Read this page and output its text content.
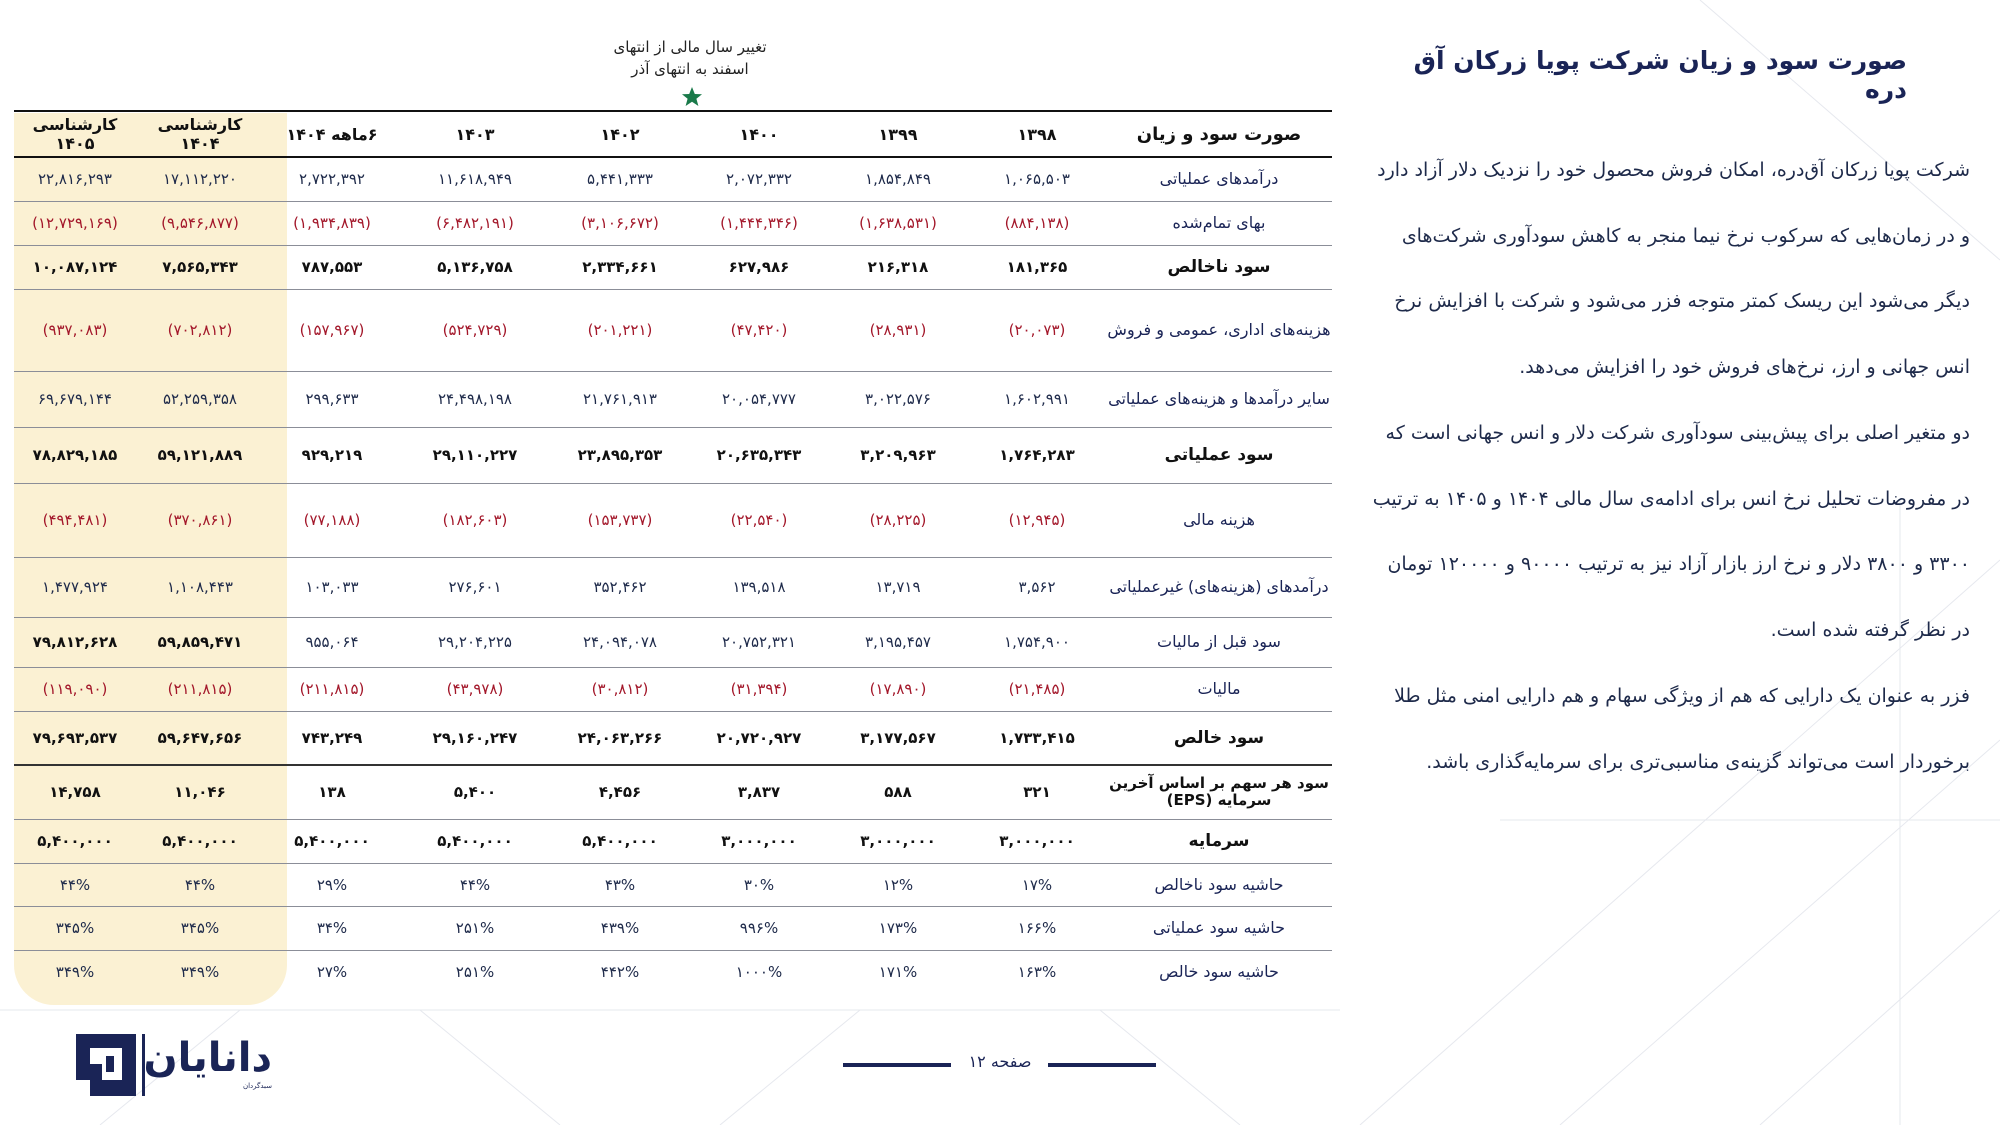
صورت سود و زیان شرکت پویا زرکان آق دره

شرکت پویا زرکان آق‌دره، امکان فروش محصول خود را نزدیک دلار آزاد دارد و در زمان‌هایی که سرکوب نرخ نیما منجر به کاهش سودآوری شرکت‌های دیگر می‌شود این ریسک کمتر متوجه فزر می‌شود و شرکت با افزایش نرخ انس جهانی و ارز، نرخ‌های فروش خود را افزایش می‌دهد.

دو متغیر اصلی برای پیش‌بینی سودآوری شرکت دلار و انس جهانی است که در مفروضات تحلیل نرخ انس برای ادامه‌ی سال مالی ۱۴۰۴ و ۱۴۰۵ به ترتیب ۳۳۰۰ و ۳۸۰۰ دلار و نرخ ارز بازار آزاد نیز به ترتیب ۹۰۰۰۰ و ۱۲۰۰۰۰ تومان در نظر گرفته شده است.

فزر به عنوان یک دارایی که هم از ویژگی سهام و هم دارایی امنی مثل طلا برخوردار است می‌تواند گزینه‌ی مناسبی‌تری برای سرمایه‌گذاری باشد.

تغییر سال مالی از انتهای
اسفند به انتهای آذر
صورت سود و زیان	۱۳۹۸	۱۳۹۹	۱۴۰۰	۱۴۰۲	۱۴۰۳	۶ماهه ۱۴۰۴	کارشناسی ۱۴۰۴	کارشناسی ۱۴۰۵
درآمدهای عملیاتی	۱,۰۶۵,۵۰۳	۱,۸۵۴,۸۴۹	۲,۰۷۲,۳۳۲	۵,۴۴۱,۳۳۳	۱۱,۶۱۸,۹۴۹	۲,۷۲۲,۳۹۲	۱۷,۱۱۲,۲۲۰	۲۲,۸۱۶,۲۹۳
بهای تمام‌شده	(۸۸۴,۱۳۸)	(۱,۶۳۸,۵۳۱)	(۱,۴۴۴,۳۴۶)	(۳,۱۰۶,۶۷۲)	(۶,۴۸۲,۱۹۱)	(۱,۹۳۴,۸۳۹)	(۹,۵۴۶,۸۷۷)	(۱۲,۷۲۹,۱۶۹)
سود ناخالص	۱۸۱,۳۶۵	۲۱۶,۳۱۸	۶۲۷,۹۸۶	۲,۳۳۴,۶۶۱	۵,۱۳۶,۷۵۸	۷۸۷,۵۵۳	۷,۵۶۵,۳۴۳	۱۰,۰۸۷,۱۲۴
هزینه‌های اداری، عمومی و فروش	(۲۰,۰۷۳)	(۲۸,۹۳۱)	(۴۷,۴۲۰)	(۲۰۱,۲۲۱)	(۵۲۴,۷۲۹)	(۱۵۷,۹۶۷)	(۷۰۲,۸۱۲)	(۹۳۷,۰۸۳)
سایر درآمدها و هزینه‌های عملیاتی	۱,۶۰۲,۹۹۱	۳,۰۲۲,۵۷۶	۲۰,۰۵۴,۷۷۷	۲۱,۷۶۱,۹۱۳	۲۴,۴۹۸,۱۹۸	۲۹۹,۶۳۳	۵۲,۲۵۹,۳۵۸	۶۹,۶۷۹,۱۴۴
سود عملیاتی	۱,۷۶۴,۲۸۳	۳,۲۰۹,۹۶۳	۲۰,۶۳۵,۳۴۳	۲۳,۸۹۵,۳۵۳	۲۹,۱۱۰,۲۲۷	۹۲۹,۲۱۹	۵۹,۱۲۱,۸۸۹	۷۸,۸۲۹,۱۸۵
هزینه مالی	(۱۲,۹۴۵)	(۲۸,۲۲۵)	(۲۲,۵۴۰)	(۱۵۳,۷۳۷)	(۱۸۲,۶۰۳)	(۷۷,۱۸۸)	(۳۷۰,۸۶۱)	(۴۹۴,۴۸۱)
درآمدهای (هزینه‌های) غیرعملیاتی	۳,۵۶۲	۱۳,۷۱۹	۱۳۹,۵۱۸	۳۵۲,۴۶۲	۲۷۶,۶۰۱	۱۰۳,۰۳۳	۱,۱۰۸,۴۴۳	۱,۴۷۷,۹۲۴
سود قبل از مالیات	۱,۷۵۴,۹۰۰	۳,۱۹۵,۴۵۷	۲۰,۷۵۲,۳۲۱	۲۴,۰۹۴,۰۷۸	۲۹,۲۰۴,۲۲۵	۹۵۵,۰۶۴	۵۹,۸۵۹,۴۷۱	۷۹,۸۱۲,۶۲۸
مالیات	(۲۱,۴۸۵)	(۱۷,۸۹۰)	(۳۱,۳۹۴)	(۳۰,۸۱۲)	(۴۳,۹۷۸)	(۲۱۱,۸۱۵)	(۲۱۱,۸۱۵)	(۱۱۹,۰۹۰)
سود خالص	۱,۷۳۳,۴۱۵	۳,۱۷۷,۵۶۷	۲۰,۷۲۰,۹۲۷	۲۴,۰۶۳,۲۶۶	۲۹,۱۶۰,۲۴۷	۷۴۳,۲۴۹	۵۹,۶۴۷,۶۵۶	۷۹,۶۹۳,۵۳۷
سود هر سهم بر اساس آخرین سرمایه (EPS)	۳۲۱	۵۸۸	۳,۸۳۷	۴,۴۵۶	۵,۴۰۰	۱۳۸	۱۱,۰۴۶	۱۴,۷۵۸
سرمایه	۳,۰۰۰,۰۰۰	۳,۰۰۰,۰۰۰	۳,۰۰۰,۰۰۰	۵,۴۰۰,۰۰۰	۵,۴۰۰,۰۰۰	۵,۴۰۰,۰۰۰	۵,۴۰۰,۰۰۰	۵,۴۰۰,۰۰۰
حاشیه سود ناخالص	۱۷%	۱۲%	۳۰%	۴۳%	۴۴%	۲۹%	۴۴%	۴۴%
حاشیه سود عملیاتی	۱۶۶%	۱۷۳%	۹۹۶%	۴۳۹%	۲۵۱%	۳۴%	۳۴۵%	۳۴۵%
حاشیه سود خالص	۱۶۳%	۱۷۱%	۱۰۰۰%	۴۴۲%	۲۵۱%	۲۷%	۳۴۹%	۳۴۹%
دانایان
سبدگردان
صفحه ۱۲
